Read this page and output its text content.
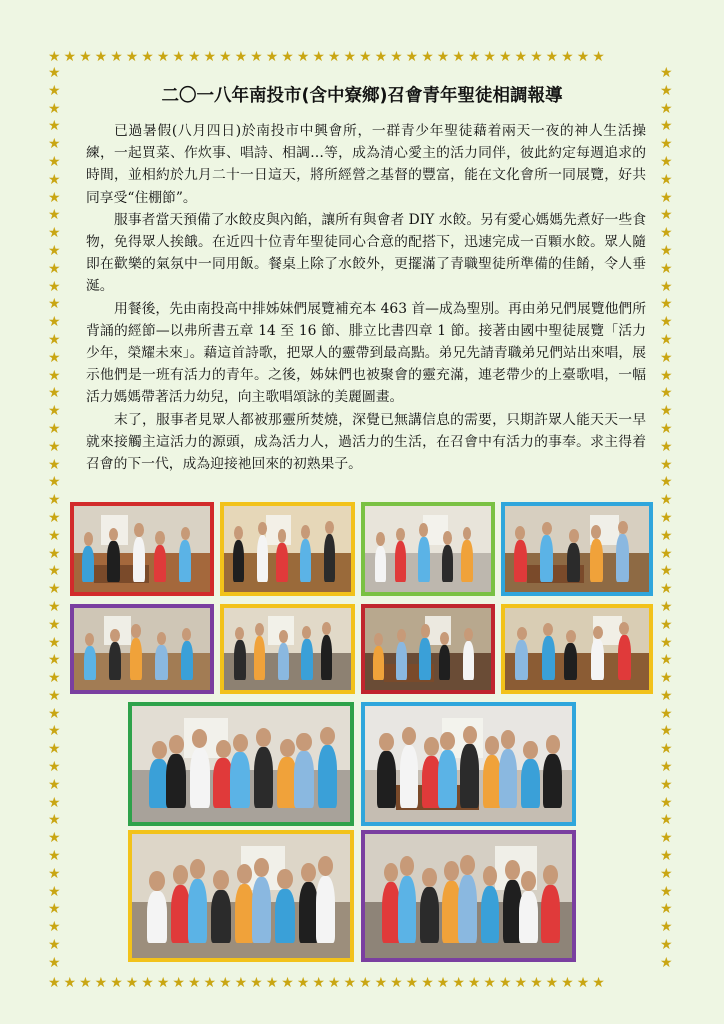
★★★★★★★★★★★★★★★★★★★★★★★★★★★★★★★★★★★★
★★★★★★★★★★★★★★★★★★★★★★★★★★★★★★★★★★★★
★
★
★
★
★
★
★
★
★
★
★
★
★
★
★
★
★
★
★
★
★
★
★
★
★
★
★
★
★
★
★
★
★
★
★
★
★
★
★
★
★
★
★
★
★
★
★
★
★
★
★
★
★
★
★
★
★
★
★
★
★
★
★
★
★
★
★
★
★
★
★
★
★
★
★
★
★
★
★
★
★
★
★
★
★
★
★
★
★
★
★
★
★
★
★
★
★
★
★
★
★
★
二〇一八年南投市(含中寮鄉)召會青年聖徒相調報導

已過暑假(八月四日)於南投市中興會所，一群青少年聖徒藉着兩天一夜的神人生活操練，一起買菜、作炊事、唱詩、相調…等，成為清心愛主的活力同伴，彼此約定每週追求的時間，並相約於九月二十一日這天，將所經營之基督的豐富，能在文化會所一同展覽，好共同享受“住棚節”。

服事者當天預備了水餃皮與內餡，讓所有與會者 DIY 水餃。另有愛心媽媽先煮好一些食物，免得眾人挨餓。在近四十位青年聖徒同心合意的配搭下，迅速完成一百顆水餃。眾人隨即在歡樂的氣氛中一同用飯。餐桌上除了水餃外，更擺滿了青職聖徒所準備的佳餚，令人垂涎。

用餐後，先由南投高中排姊妹們展覽補充本 463 首—成為聖別。再由弟兄們展覽他們所背誦的經節—以弗所書五章 14 至 16 節、腓立比書四章 1 節。接著由國中聖徒展覽「活力少年，榮耀未來」。藉這首詩歌，把眾人的靈帶到最高點。弟兄先請青職弟兄們站出來唱，展示他們是一班有活力的青年。之後，姊妹們也被聚會的靈充滿，連老帶少的上臺歌唱，一幅活力媽媽帶著活力幼兒，向主歌唱頌詠的美麗圖畫。

末了，服事者見眾人都被那靈所焚燒，深覺已無講信息的需要，只期許眾人能天天一早就來接觸主這活力的源頭，成為活力人，過活力的生活，在召會中有活力的事奉。求主得着召會的下一代，成為迎接祂回來的初熟果子。
